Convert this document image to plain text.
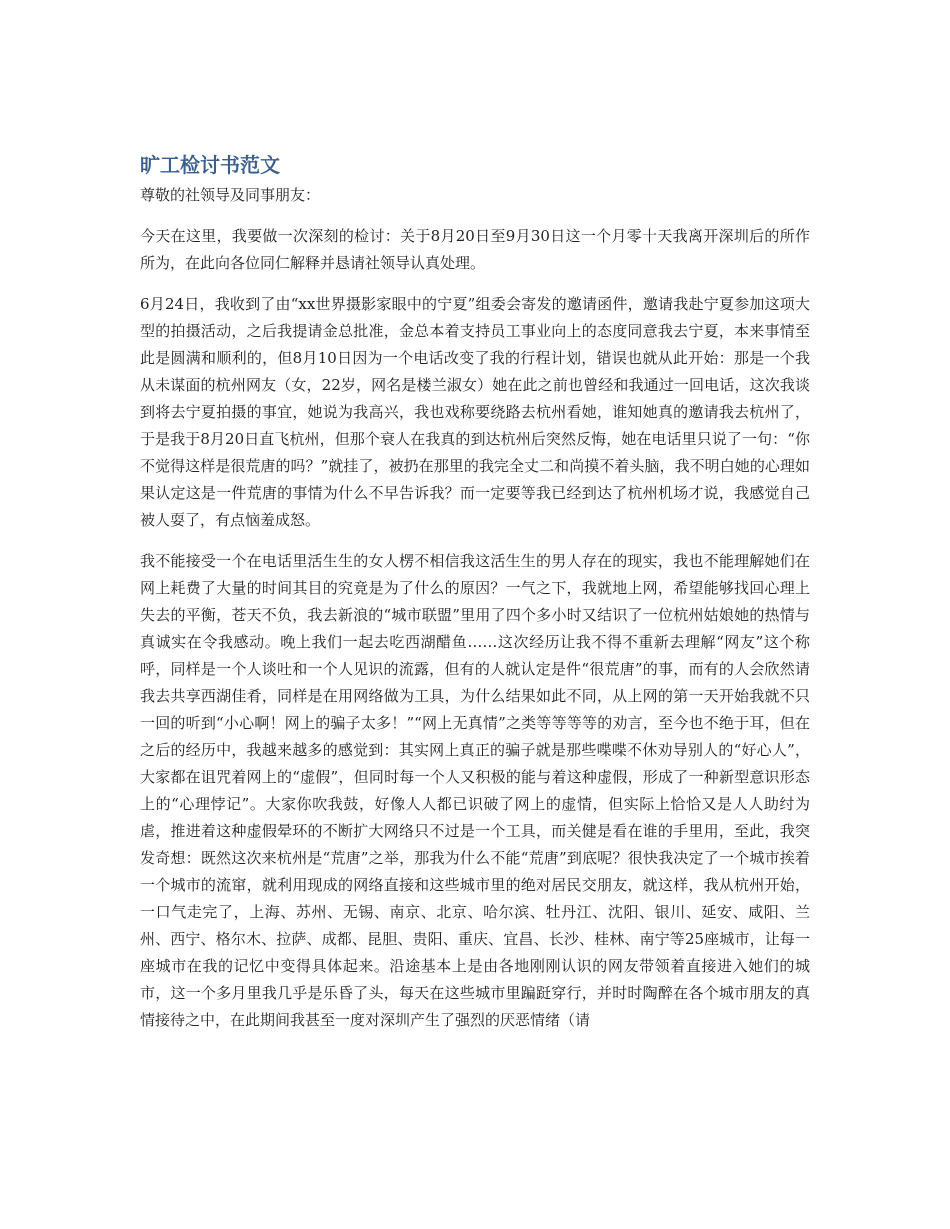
旷工检讨书范文

尊敬的社领导及同事朋友：

今天在这里，我要做一次深刻的检讨：关于8月20日至9月30日这一个月零十天我离开深圳后的所作所为，在此向各位同仁解释并恳请社领导认真处理。

6月24日，我收到了由“xx世界摄影家眼中的宁夏”组委会寄发的邀请函件，邀请我赴宁夏参加这项大型的拍摄活动，之后我提请金总批准，金总本着支持员工事业向上的态度同意我去宁夏，本来事情至此是圆满和顺利的，但8月10日因为一个电话改变了我的行程计划，错误也就从此开始：那是一个我从未谋面的杭州网友（女，22岁，网名是楼兰淑女）她在此之前也曾经和我通过一回电话，这次我谈到将去宁夏拍摄的事宜，她说为我高兴，我也戏称要绕路去杭州看她，谁知她真的邀请我去杭州了，于是我于8月20日直飞杭州，但那个衰人在我真的到达杭州后突然反悔，她在电话里只说了一句：“你不觉得这样是很荒唐的吗？”就挂了，被扔在那里的我完全丈二和尚摸不着头脑，我不明白她的心理如果认定这是一件荒唐的事情为什么不早告诉我？而一定要等我已经到达了杭州机场才说，我感觉自己被人耍了，有点恼羞成怒。

我不能接受一个在电话里活生生的女人楞不相信我这活生生的男人存在的现实，我也不能理解她们在网上耗费了大量的时间其目的究竟是为了什么的原因？一气之下，我就地上网，希望能够找回心理上失去的平衡，苍天不负，我去新浪的“城市联盟”里用了四个多小时又结识了一位杭州姑娘她的热情与真诚实在令我感动。晚上我们一起去吃西湖醋鱼……这次经历让我不得不重新去理解“网友”这个称呼，同样是一个人谈吐和一个人见识的流露，但有的人就认定是件“很荒唐”的事，而有的人会欣然请我去共享西湖佳肴，同样是在用网络做为工具，为什么结果如此不同，从上网的第一天开始我就不只一回的听到“小心啊！网上的骗子太多！”“网上无真情”之类等等等等的劝言，至今也不绝于耳，但在之后的经历中，我越来越多的感觉到：其实网上真正的骗子就是那些喋喋不休劝导别人的“好心人”，大家都在诅咒着网上的“虚假”，但同时每一个人又积极的能与着这种虚假，形成了一种新型意识形态上的“心理悖记”。大家你吹我鼓，好像人人都已识破了网上的虚情，但实际上恰恰又是人人助纣为虐，推进着这种虚假晕环的不断扩大网络只不过是一个工具，而关健是看在谁的手里用，至此，我突发奇想：既然这次来杭州是“荒唐”之举，那我为什么不能“荒唐”到底呢？很快我决定了一个城市挨着一个城市的流窜，就利用现成的网络直接和这些城市里的绝对居民交朋友，就这样，我从杭州开始，一口气走完了，上海、苏州、无锡、南京、北京、哈尔滨、牡丹江、沈阳、银川、延安、咸阳、兰州、西宁、格尔木、拉萨、成都、昆胆、贵阳、重庆、宜昌、长沙、桂林、南宁等25座城市，让每一座城市在我的记忆中变得具体起来。沿途基本上是由各地刚刚认识的网友带领着直接进入她们的城市，这一个多月里我几乎是乐昏了头，每天在这些城市里蹁跹穿行，并时时陶醉在各个城市朋友的真情接待之中，在此期间我甚至一度对深圳产生了强烈的厌恶情绪（请
